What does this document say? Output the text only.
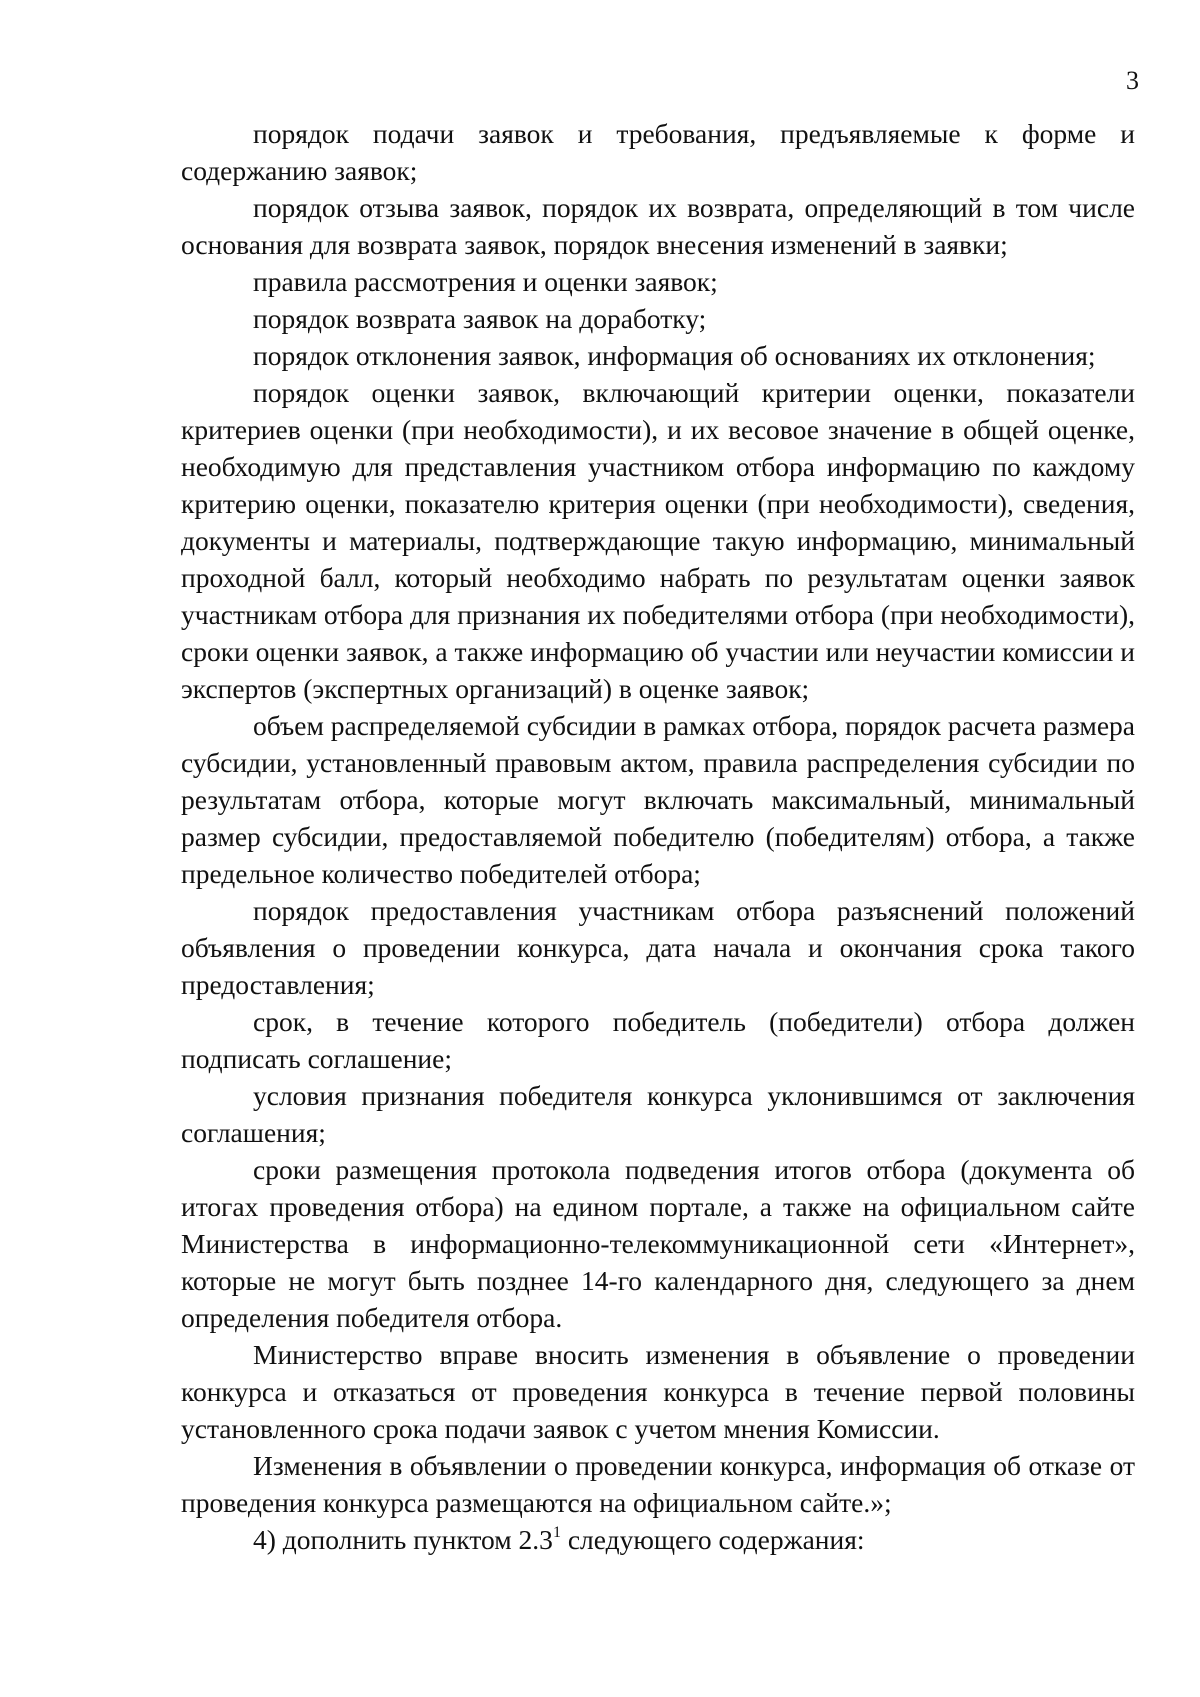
3

порядок подачи заявок и требования, предъявляемые к форме и содержанию заявок;

порядок отзыва заявок, порядок их возврата, определяющий в том числе основания для возврата заявок, порядок внесения изменений в заявки;

правила рассмотрения и оценки заявок;

порядок возврата заявок на доработку;

порядок отклонения заявок, информация об основаниях их отклонения;

порядок оценки заявок, включающий критерии оценки, показатели критериев оценки (при необходимости), и их весовое значение в общей оценке, необходимую для представления участником отбора информацию по каждому критерию оценки, показателю критерия оценки (при необходимости), сведения, документы и материалы, подтверждающие такую информацию, минимальный проходной балл, который необходимо набрать по результатам оценки заявок участникам отбора для признания их победителями отбора (при необходимости), сроки оценки заявок, а также информацию об участии или неучастии комиссии и экспертов (экспертных организаций) в оценке заявок;

объем распределяемой субсидии в рамках отбора, порядок расчета размера субсидии, установленный правовым актом, правила распределения субсидии по результатам отбора, которые могут включать максимальный, минимальный размер субсидии, предоставляемой победителю (победителям) отбора, а также предельное количество победителей отбора;

порядок предоставления участникам отбора разъяснений положений объявления о проведении конкурса, дата начала и окончания срока такого предоставления;

срок, в течение которого победитель (победители) отбора должен подписать соглашение;

условия признания победителя конкурса уклонившимся от заключения соглашения;

сроки размещения протокола подведения итогов отбора (документа об итогах проведения отбора) на едином портале, а также на официальном сайте Министерства в информационно-телекоммуникационной сети «Интернет», которые не могут быть позднее 14-го календарного дня, следующего за днем определения победителя отбора.

Министерство вправе вносить изменения в объявление о проведении конкурса и отказаться от проведения конкурса в течение первой половины установленного срока подачи заявок с учетом мнения Комиссии.

Изменения в объявлении о проведении конкурса, информация об отказе от проведения конкурса размещаются на официальном сайте.»;

4) дополнить пунктом $2.3^1$ следующего содержания:
